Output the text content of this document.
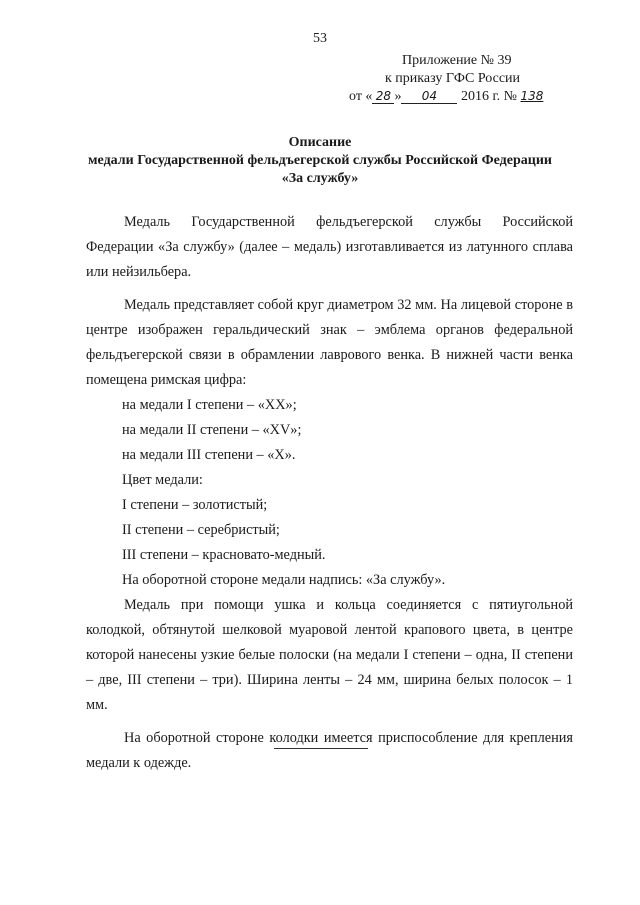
53
Приложение № 39
к приказу ГФС России
от « 28 » 04 2016 г. № 138
Описание
медали Государственной фельдъегерской службы Российской Федерации
«За службу»

Медаль Государственной фельдъегерской службы Российской Федерации «За службу» (далее – медаль) изготавливается из латунного сплава или нейзильбера.

Медаль представляет собой круг диаметром 32 мм. На лицевой стороне в центре изображен геральдический знак – эмблема органов федеральной фельдъегерской связи в обрамлении лаврового венка. В нижней части венка помещена римская цифра:

на медали I степени – «XX»;

на медали II степени – «XV»;

на медали III степени – «X».

Цвет медали:

I степени – золотистый;

II степени – серебристый;

III степени – красновато-медный.

На оборотной стороне медали надпись: «За службу».

Медаль при помощи ушка и кольца соединяется с пятиугольной колодкой, обтянутой шелковой муаровой лентой крапового цвета, в центре которой нанесены узкие белые полоски (на медали I степени – одна, II степени – две, III степени – три). Ширина ленты – 24 мм, ширина белых полосок – 1 мм.

На оборотной стороне колодки имеется приспособление для крепления медали к одежде.
